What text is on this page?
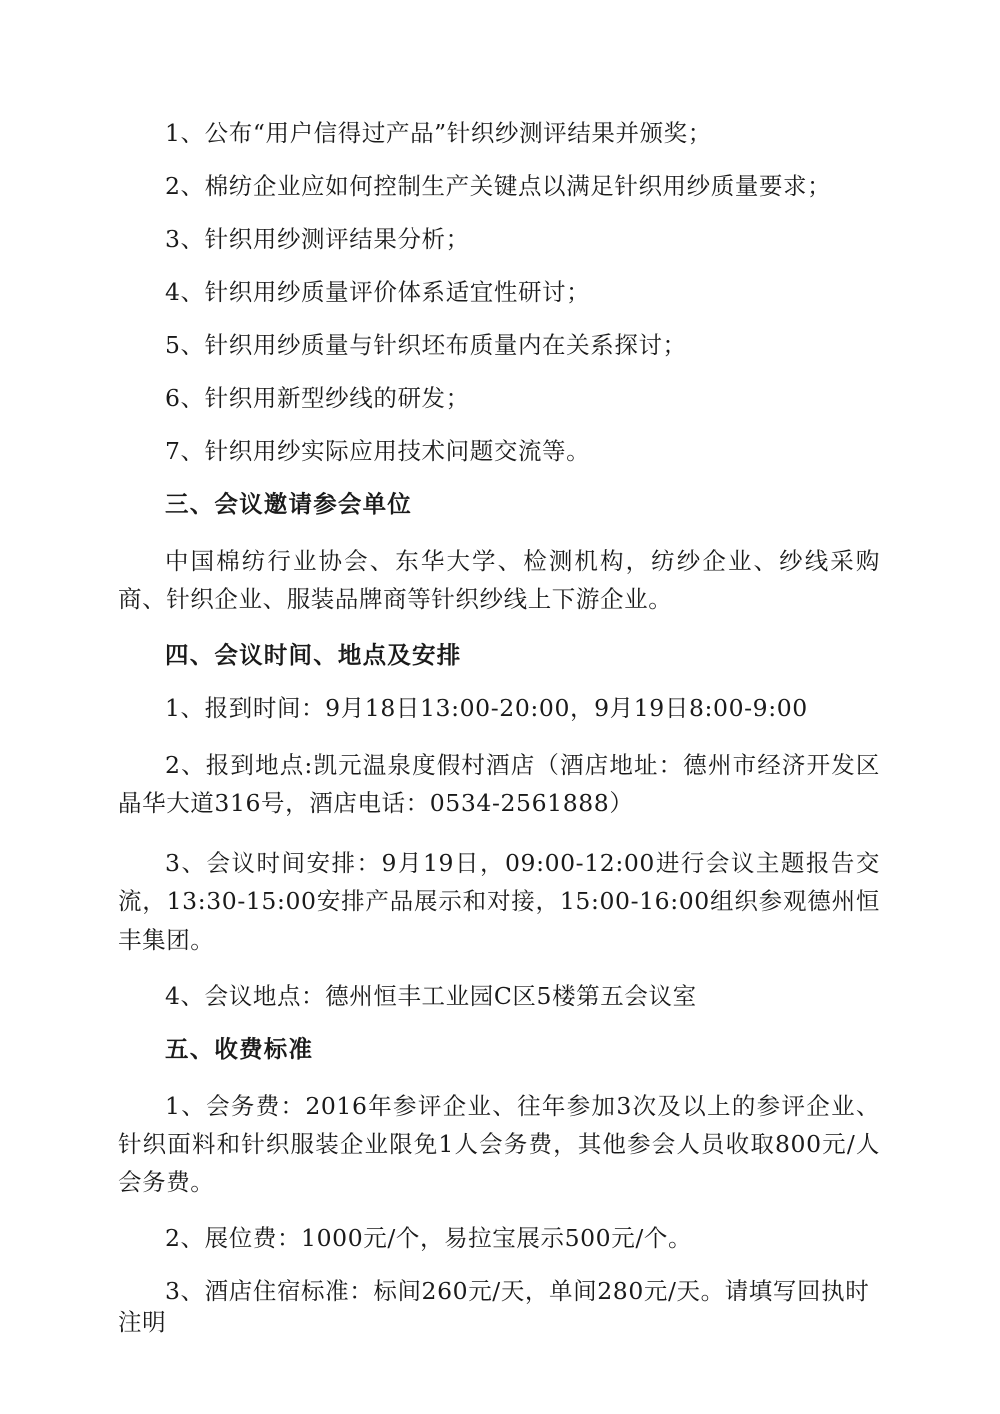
1、公布“用户信得过产品”针织纱测评结果并颁奖；

2、棉纺企业应如何控制生产关键点以满足针织用纱质量要求；

3、针织用纱测评结果分析；

4、针织用纱质量评价体系适宜性研讨；

5、针织用纱质量与针织坯布质量内在关系探讨；

6、针织用新型纱线的研发；

7、针织用纱实际应用技术问题交流等。

三、会议邀请参会单位

中国棉纺行业协会、东华大学、检测机构，纺纱企业、纱线采购商、针织企业、服装品牌商等针织纱线上下游企业。

四、会议时间、地点及安排

1、报到时间：9月18日13:00-20:00，9月19日8:00-9:00

2、报到地点:凯元温泉度假村酒店（酒店地址：德州市经济开发区晶华大道316号，酒店电话：0534-2561888）

3、会议时间安排：9月19日，09:00-12:00进行会议主题报告交流，13:30-15:00安排产品展示和对接，15:00-16:00组织参观德州恒丰集团。

4、会议地点：德州恒丰工业园C区5楼第五会议室

五、收费标准

1、会务费：2016年参评企业、往年参加3次及以上的参评企业、针织面料和针织服装企业限免1人会务费，其他参会人员收取800元/人会务费。

2、展位费：1000元/个，易拉宝展示500元/个。

3、酒店住宿标准：标间260元/天，单间280元/天。请填写回执时注明
